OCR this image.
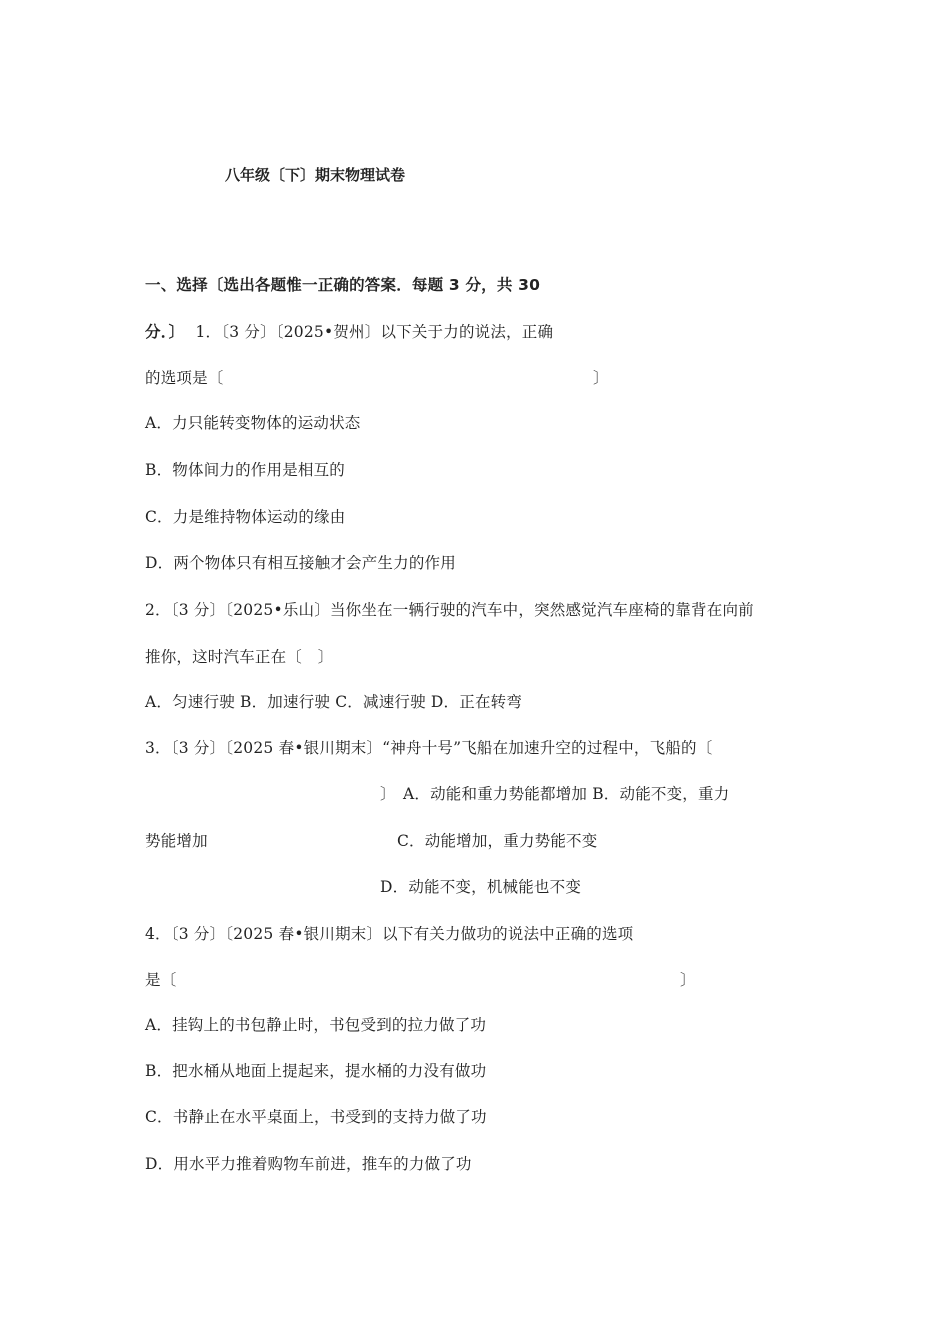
八年级〔下〕期末物理试卷
一、选择〔选出各题惟一正确的答案．每题 3 分，共 30
分．〕 1．〔3 分〕〔2025•贺州〕以下关于力的说法，正确
的选项是〔	〕
A．力只能转变物体的运动状态
B．物体间力的作用是相互的
C．力是维持物体运动的缘由
D．两个物体只有相互接触才会产生力的作用
2．〔3 分〕〔2025•乐山〕当你坐在一辆行驶的汽车中，突然感觉汽车座椅的靠背在向前
推你，这时汽车正在〔　〕
A．匀速行驶 B．加速行驶 C．减速行驶 D．正在转弯
3．〔3 分〕〔2025 春•银川期末〕“神舟十号”飞船在加速升空的过程中，飞船的〔
〕 A．动能和重力势能都增加 B．动能不变，重力
势能增加	C．动能增加，重力势能不变
D．动能不变，机械能也不变
4．〔3 分〕〔2025 春•银川期末〕以下有关力做功的说法中正确的选项
是〔	〕
A．挂钩上的书包静止时，书包受到的拉力做了功
B．把水桶从地面上提起来，提水桶的力没有做功
C．书静止在水平桌面上，书受到的支持力做了功
D．用水平力推着购物车前进，推车的力做了功
